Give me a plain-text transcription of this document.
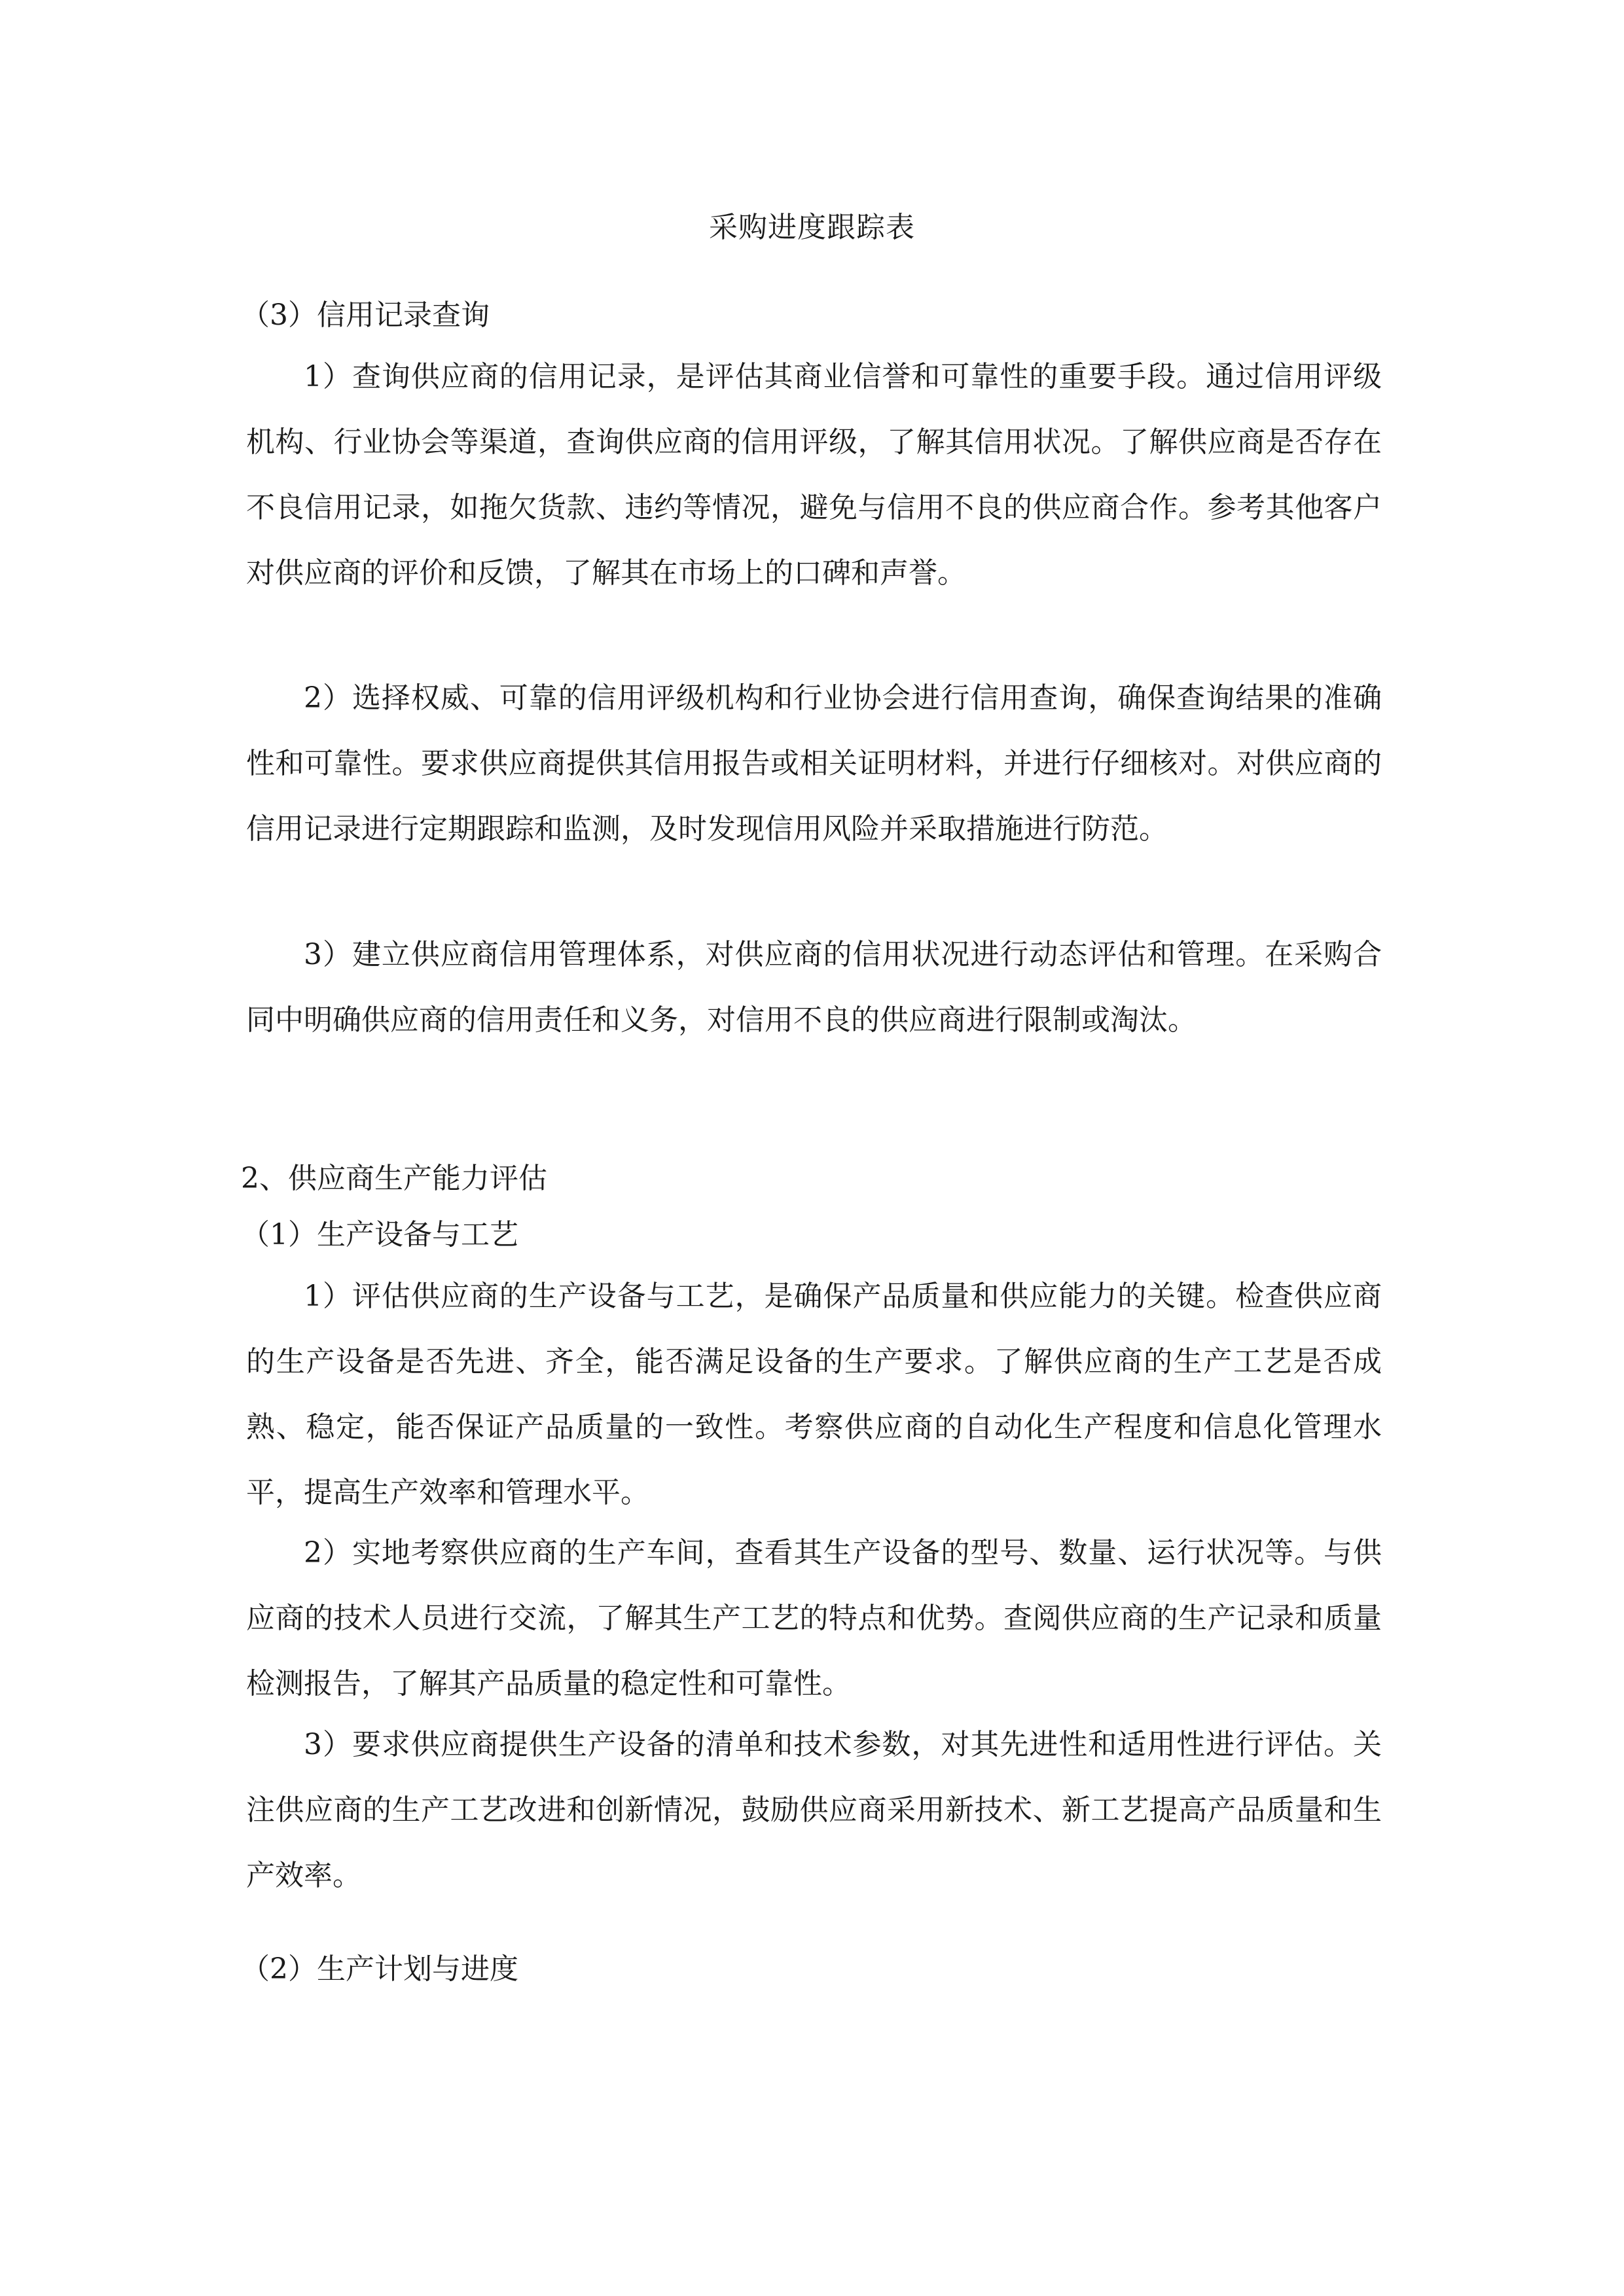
采购进度跟踪表
（3）信用记录查询
1）查询供应商的信用记录，是评估其商业信誉和可靠性的重要手段。通过信用评级机构、行业协会等渠道，查询供应商的信用评级，了解其信用状况。了解供应商是否存在不良信用记录，如拖欠货款、违约等情况，避免与信用不良的供应商合作。参考其他客户对供应商的评价和反馈，了解其在市场上的口碑和声誉。
2）选择权威、可靠的信用评级机构和行业协会进行信用查询，确保查询结果的准确性和可靠性。要求供应商提供其信用报告或相关证明材料，并进行仔细核对。对供应商的信用记录进行定期跟踪和监测，及时发现信用风险并采取措施进行防范。
3）建立供应商信用管理体系，对供应商的信用状况进行动态评估和管理。在采购合同中明确供应商的信用责任和义务，对信用不良的供应商进行限制或淘汰。
2、供应商生产能力评估
（1）生产设备与工艺
1）评估供应商的生产设备与工艺，是确保产品质量和供应能力的关键。检查供应商的生产设备是否先进、齐全，能否满足设备的生产要求。了解供应商的生产工艺是否成熟、稳定，能否保证产品质量的一致性。考察供应商的自动化生产程度和信息化管理水平，提高生产效率和管理水平。
2）实地考察供应商的生产车间，查看其生产设备的型号、数量、运行状况等。与供应商的技术人员进行交流，了解其生产工艺的特点和优势。查阅供应商的生产记录和质量检测报告，了解其产品质量的稳定性和可靠性。
3）要求供应商提供生产设备的清单和技术参数，对其先进性和适用性进行评估。关注供应商的生产工艺改进和创新情况，鼓励供应商采用新技术、新工艺提高产品质量和生产效率。
（2）生产计划与进度
